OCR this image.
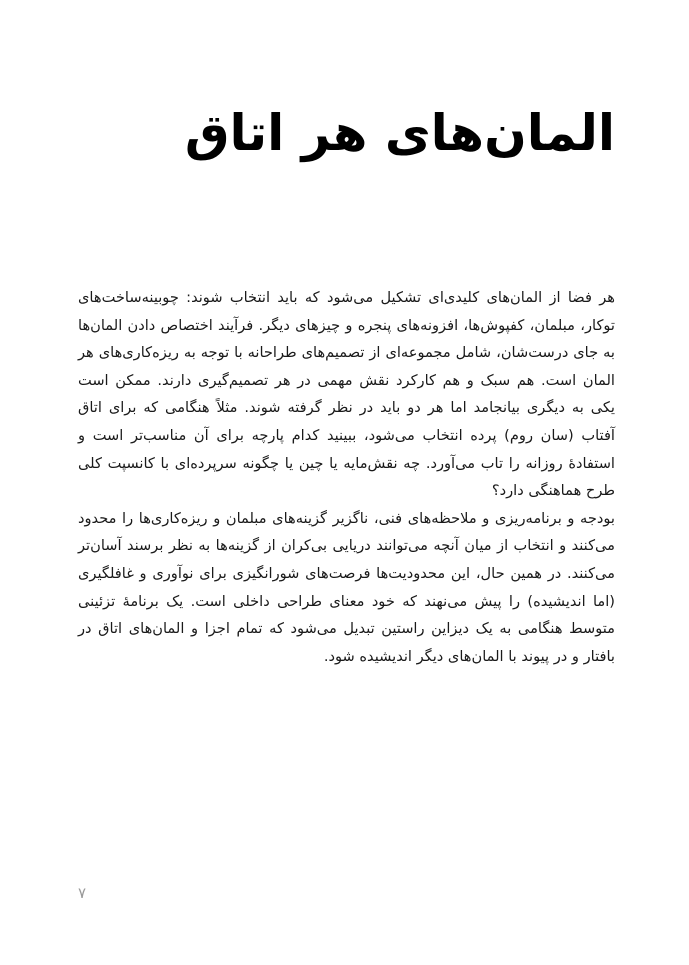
المان‌های هر اتاق

هر فضا از المان‌های کلیدی‌ای تشکیل می‌شود که باید انتخاب شوند: چوبینه‌ساخت‌های توکار، مبلمان، کفپوش‌ها، افزونه‌های پنجره و چیزهای دیگر. فرآیند اختصاص دادن المان‌ها به جای درست‌شان، شامل مجموعه‌ای از تصمیم‌های طراحانه با توجه به ریزه‌کاری‌های هر المان است. هم سبک و هم کارکرد نقش مهمی در هر تصمیم‌گیری دارند. ممکن است یکی به دیگری بیانجامد اما هر دو باید در نظر گرفته شوند. مثلاً هنگامی که برای اتاق آفتاب (سان روم) پرده انتخاب می‌شود، ببینید کدام پارچه برای آن مناسب‌تر است و استفادهٔ روزانه را تاب می‌آورد. چه نقش‌مایه یا چین یا چگونه سرپرده‌ای با کانسپت کلی طرح هماهنگی دارد؟

بودجه و برنامه‌ریزی و ملاحظه‌های فنی، ناگزیر گزینه‌های مبلمان و ریزه‌کاری‌ها را محدود می‌کنند و انتخاب از میان آنچه می‌توانند دریایی بی‌کران از گزینه‌ها به نظر برسند آسان‌تر می‌کنند. در همین حال، این محدودیت‌ها فرصت‌های شورانگیزی برای نوآوری و غافلگیری (اما اندیشیده) را پیش می‌نهند که خود معنای طراحی داخلی است. یک برنامهٔ تزئینی متوسط هنگامی به یک دیزاین راستین تبدیل می‌شود که تمام اجزا و المان‌های اتاق در بافتار و در پیوند با المان‌های دیگر اندیشیده شود.

۷
